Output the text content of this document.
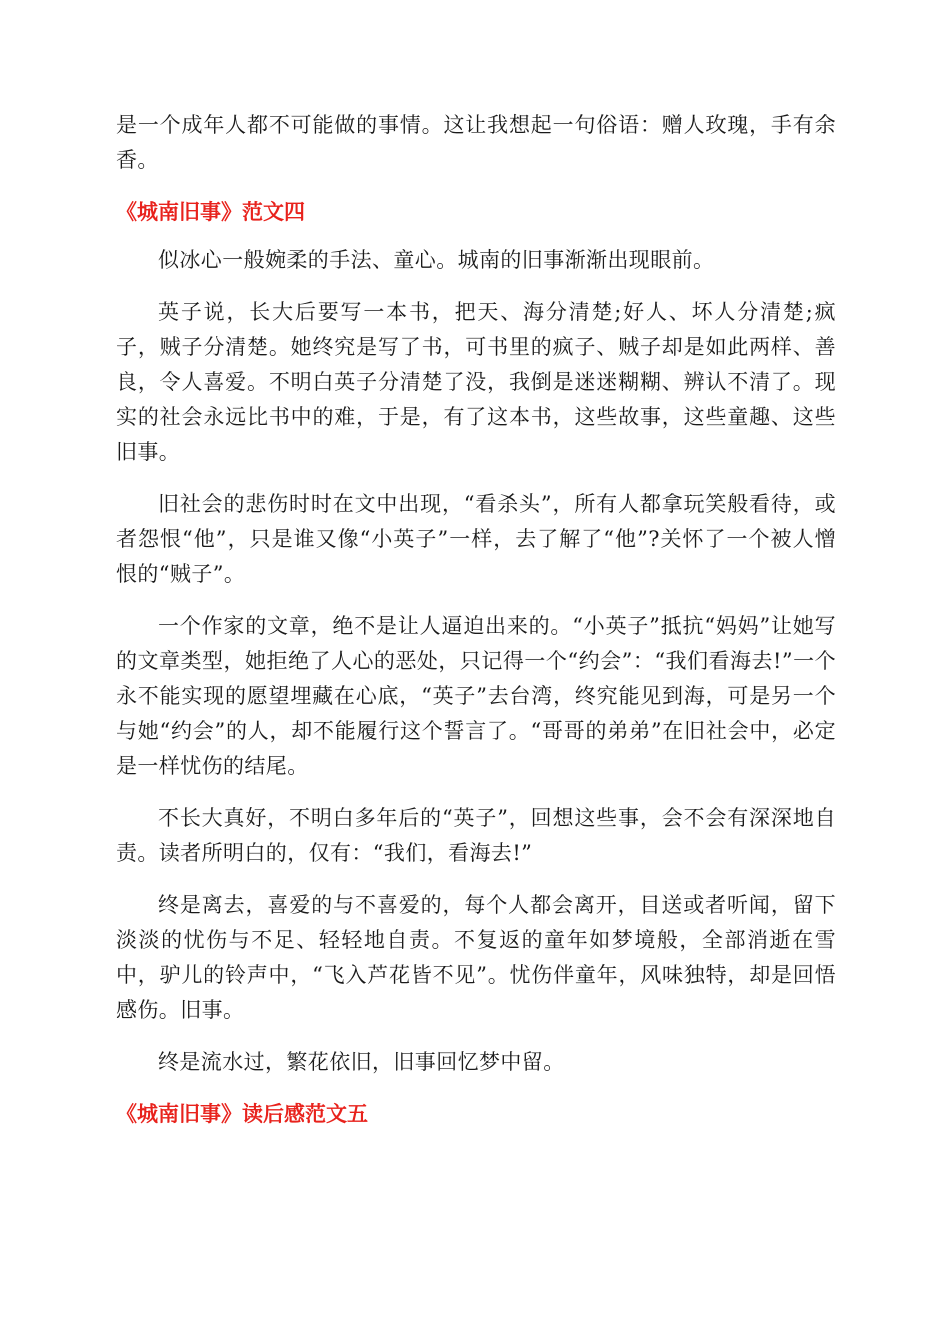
是一个成年人都不可能做的事情。这让我想起一句俗语：赠人玫瑰，手有余香。

《城南旧事》范文四

似冰心一般婉柔的手法、童心。城南的旧事渐渐出现眼前。

英子说，长大后要写一本书，把天、海分清楚;好人、坏人分清楚;疯子，贼子分清楚。她终究是写了书，可书里的疯子、贼子却是如此两样、善良，令人喜爱。不明白英子分清楚了没，我倒是迷迷糊糊、辨认不清了。现实的社会永远比书中的难，于是，有了这本书，这些故事，这些童趣、这些旧事。

旧社会的悲伤时时在文中出现，“看杀头”，所有人都拿玩笑般看待，或者怨恨“他”，只是谁又像“小英子”一样，去了解了“他”?关怀了一个被人憎恨的“贼子”。

一个作家的文章，绝不是让人逼迫出来的。“小英子”抵抗“妈妈”让她写的文章类型，她拒绝了人心的恶处，只记得一个“约会”：“我们看海去!”一个永不能实现的愿望埋藏在心底，“英子”去台湾，终究能见到海，可是另一个与她“约会”的人，却不能履行这个誓言了。“哥哥的弟弟”在旧社会中，必定是一样忧伤的结尾。

不长大真好，不明白多年后的“英子”，回想这些事，会不会有深深地自责。读者所明白的，仅有：“我们，看海去!”

终是离去，喜爱的与不喜爱的，每个人都会离开，目送或者听闻，留下淡淡的忧伤与不足、轻轻地自责。不复返的童年如梦境般，全部消逝在雪中，驴儿的铃声中，“飞入芦花皆不见”。忧伤伴童年，风味独特，却是回悟感伤。旧事。

终是流水过，繁花依旧，旧事回忆梦中留。

《城南旧事》读后感范文五
